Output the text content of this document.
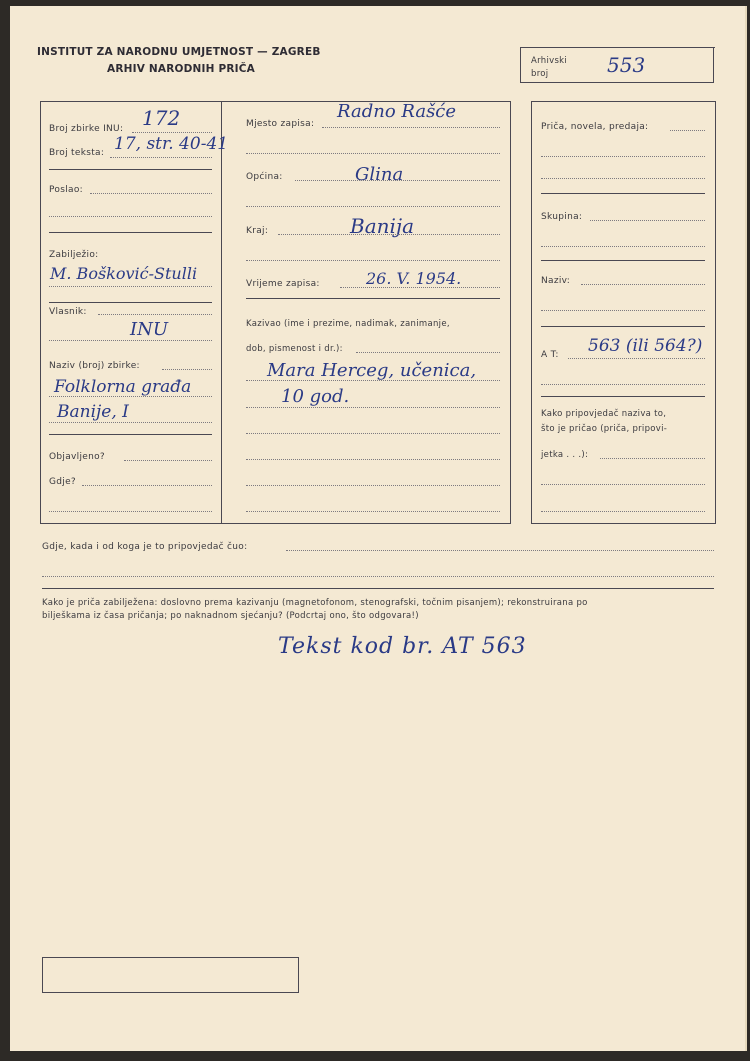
INSTITUT ZA NARODNU UMJETNOST — ZAGREB
ARHIV NARODNIH PRIČA
Arhivski
broj	553
Broj zbirke INU: 172
Broj teksta: 17, str. 40-41
Poslao:
Zabilježio:
M. Bošković-Stulli
Vlasnik:
INU
Naziv (broj) zbirke:
Folklorna građa
Banije, I
Objavljeno?
Gdje?
Mjesto zapisa:
Radno Rašće
Općina:	Glina
Kraj:	Banija
Vrijeme zapisa:	26. V. 1954.
Kazivao (ime i prezime, nadimak, zanimanje,
dob, pismenost i dr.):
Mara Herceg, učenica,
10 god.
Priča, novela, predaja:
Skupina:
Naziv:
A T: 563 (ili 564?)
Kako pripovjedač naziva to,
što je pričao (priča, pripovi-
jetka . . .):
Gdje, kada i od koga je to pripovjedač čuo:
Kako je priča zabilježena: doslovno prema kazivanju (magnetofonom, stenografski, točnim pisanjem); rekonstruirana po
bilješkama iz časa pričanja; po naknadnom sjećanju? (Podcrtaj ono, što odgovara!)
Tekst kod br. AT 563
